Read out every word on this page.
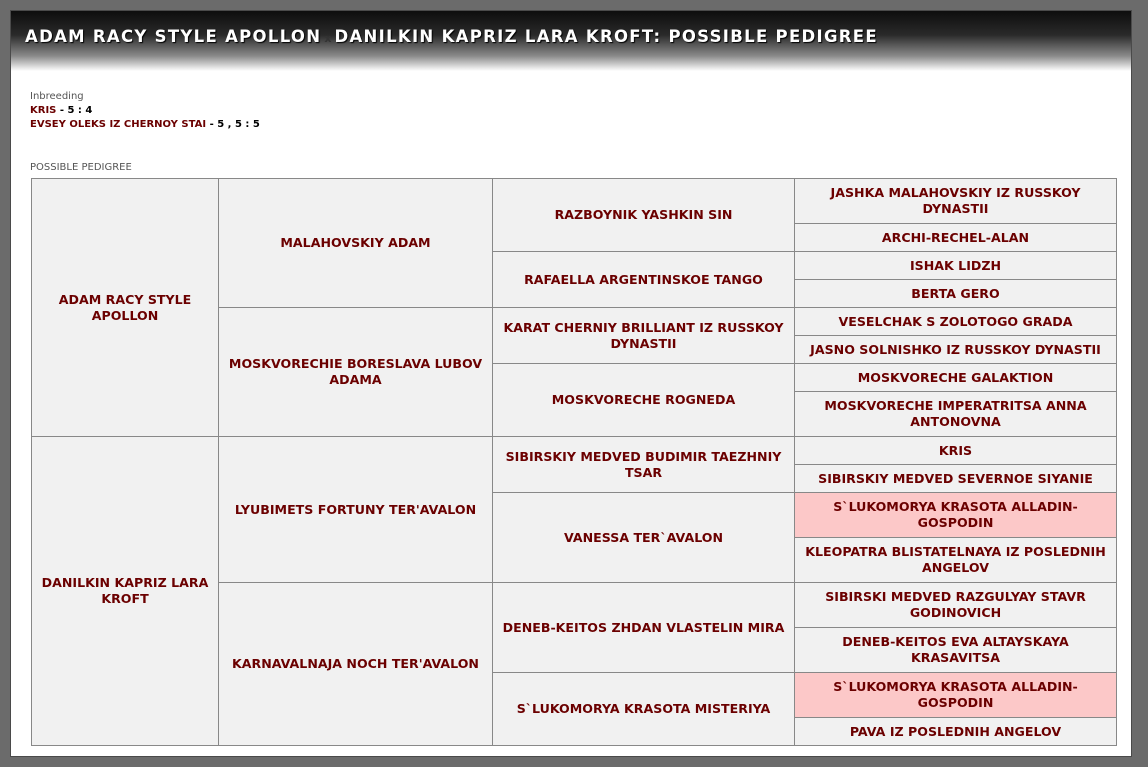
ADAM RACY STYLE APOLLON x DANILKIN KAPRIZ LARA KROFT: POSSIBLE PEDIGREE
Inbreeding
KRIS - 5 : 4
EVSEY OLEKS IZ CHERNOY STAI - 5 , 5 : 5
POSSIBLE PEDIGREE
ADAM RACY STYLE APOLLON	MALAHOVSKIY ADAM	RAZBOYNIK YASHKIN SIN	JASHKA MALAHOVSKIY IZ RUSSKOY DYNASTII
			ARCHI-RECHEL-ALAN
		RAFAELLA ARGENTINSKOE TANGO	ISHAK LIDZH
			BERTA GERO
	MOSKVORECHIE BORESLAVA LUBOV ADAMA	KARAT CHERNIY BRILLIANT IZ RUSSKOY DYNASTII	VESELCHAK S ZOLOTOGO GRADA
			JASNO SOLNISHKO IZ RUSSKOY DYNASTII
		MOSKVORECHE ROGNEDA	MOSKVORECHE GALAKTION
			MOSKVORECHE IMPERATRITSA ANNA ANTONOVNA
DANILKIN KAPRIZ LARA KROFT	LYUBIMETS FORTUNY TER'AVALON	SIBIRSKIY MEDVED BUDIMIR TAEZHNIY TSAR	KRIS
			SIBIRSKIY MEDVED SEVERNOE SIYANIE
		VANESSA TER`AVALON	S`LUKOMORYA KRASOTA ALLADIN-GOSPODIN
			KLEOPATRA BLISTATELNAYA IZ POSLEDNIH ANGELOV
	KARNAVALNAJA NOCH TER'AVALON	DENEB-KEITOS ZHDAN VLASTELIN MIRA	SIBIRSKI MEDVED RAZGULYAY STAVR GODINOVICH
			DENEB-KEITOS EVA ALTAYSKAYA KRASAVITSA
		S`LUKOMORYA KRASOTA MISTERIYA	S`LUKOMORYA KRASOTA ALLADIN-GOSPODIN
			PAVA IZ POSLEDNIH ANGELOV
